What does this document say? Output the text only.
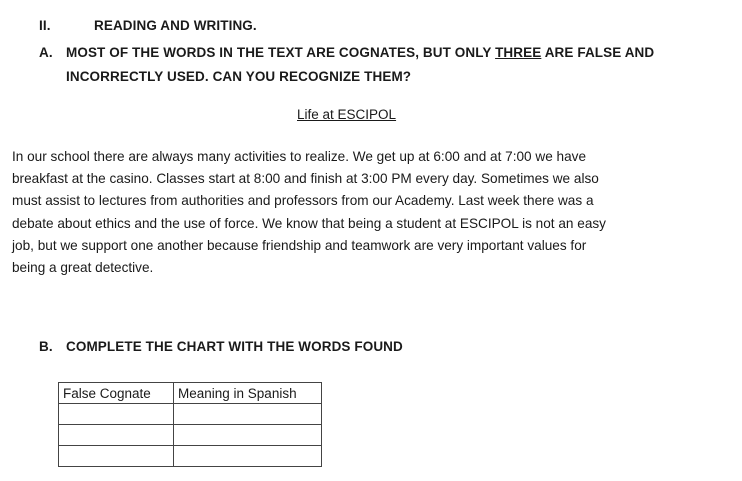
II.	READING AND WRITING.
A. MOST OF THE WORDS IN THE TEXT ARE COGNATES, BUT ONLY THREE ARE FALSE AND
INCORRECTLY USED. CAN YOU RECOGNIZE THEM?
Life at ESCIPOL
In our school there are always many activities to realize. We get up at 6:00 and at 7:00 we have
breakfast at the casino. Classes start at 8:00 and finish at 3:00 PM every day. Sometimes we also
must assist to lectures from authorities and professors from our Academy. Last week there was a
debate about ethics and the use of force. We know that being a student at ESCIPOL is not an easy
job, but we support one another because friendship and teamwork are very important values for
being a great detective.
B. COMPLETE THE CHART WITH THE WORDS FOUND
False Cognate	Meaning in Spanish
